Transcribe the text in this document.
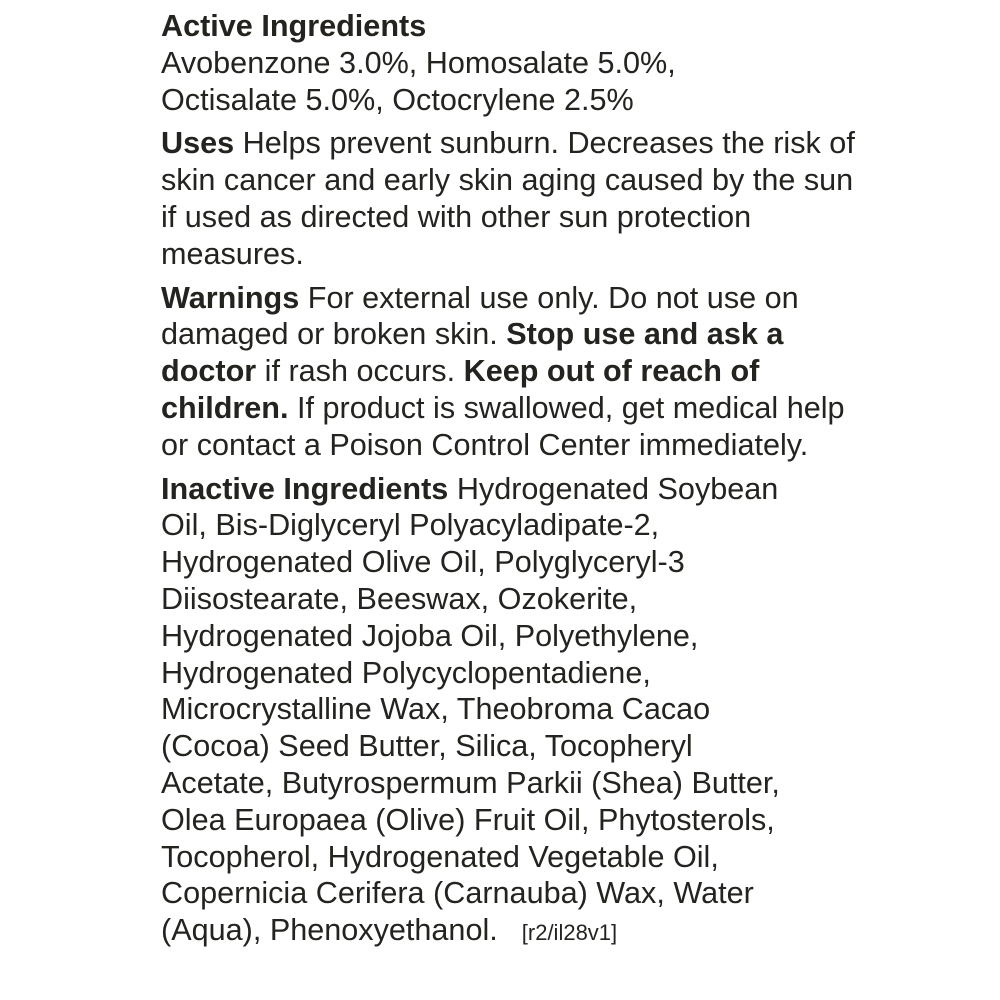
Active Ingredients
Avobenzone 3.0%, Homosalate 5.0%,
Octisalate 5.0%, Octocrylene 2.5%

Uses Helps prevent sunburn. Decreases the risk of skin cancer and early skin aging caused by the sun if used as directed with other sun protection measures.

Warnings For external use only. Do not use on damaged or broken skin. Stop use and ask a doctor if rash occurs. Keep out of reach of children. If product is swallowed, get medical help or contact a Poison Control Center immediately.

Inactive Ingredients Hydrogenated Soybean
Oil, Bis-Diglyceryl Polyacyladipate-2,
Hydrogenated Olive Oil, Polyglyceryl-3
Diisostearate, Beeswax, Ozokerite,
Hydrogenated Jojoba Oil, Polyethylene,
Hydrogenated Polycyclopentadiene,
Microcrystalline Wax, Theobroma Cacao
(Cocoa) Seed Butter, Silica, Tocopheryl
Acetate, Butyrospermum Parkii (Shea) Butter,
Olea Europaea (Olive) Fruit Oil, Phytosterols,
Tocopherol, Hydrogenated Vegetable Oil,
Copernicia Cerifera (Carnauba) Wax, Water
(Aqua), Phenoxyethanol. [r2/il28v1]
